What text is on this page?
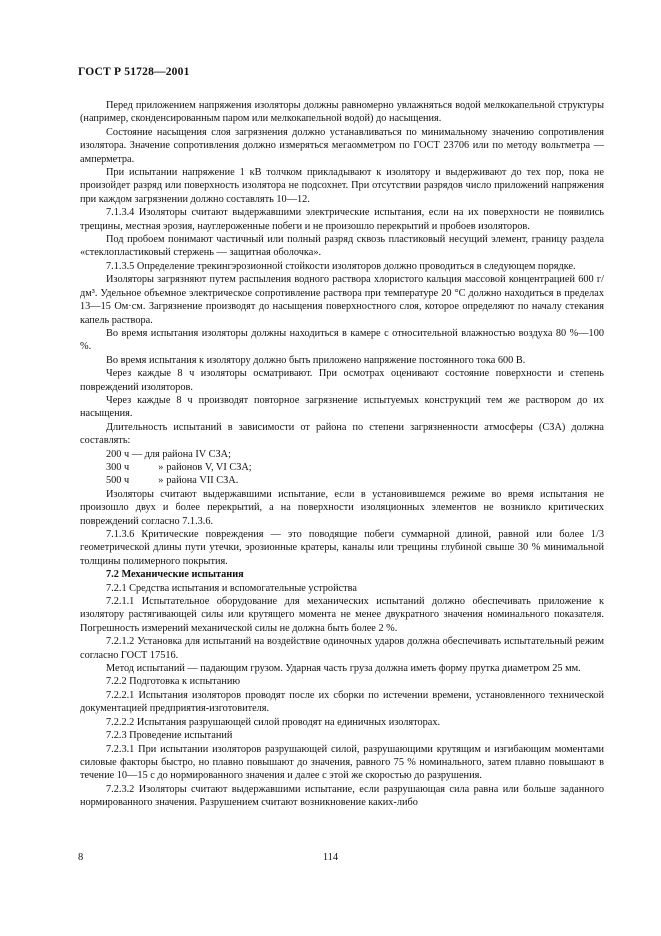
ГОСТ Р 51728—2001

Перед приложением напряжения изоляторы должны равномерно увлажняться водой мелкокапельной структуры (например, сконденсированным паром или мелкокапельной водой) до насыщения.

Состояние насыщения слоя загрязнения должно устанавливаться по минимальному значению сопротивления изолятора. Значение сопротивления должно измеряться мегаомметром по ГОСТ 23706 или по методу вольтметра — амперметра.

При испытании напряжение 1 кВ толчком прикладывают к изолятору и выдерживают до тех пор, пока не произойдет разряд или поверхность изолятора не подсохнет. При отсутствии разрядов число приложений напряжения при каждом загрязнении должно составлять 10—12.

7.1.3.4 Изоляторы считают выдержавшими электрические испытания, если на их поверхности не появились трещины, местная эрозия, науглероженные побеги и не произошло перекрытий и пробоев изоляторов.

Под пробоем понимают частичный или полный разряд сквозь пластиковый несущий элемент, границу раздела «стеклопластиковый стержень — защитная оболочка».

7.1.3.5 Определение трекингэрозионной стойкости изоляторов должно проводиться в следующем порядке.

Изоляторы загрязняют путем распыления водного раствора хлористого кальция массовой концентрацией 600 г/дм³. Удельное объемное электрическое сопротивление раствора при температуре 20 °С должно находиться в пределах 13—15 Ом·см. Загрязнение производят до насыщения поверхностного слоя, которое определяют по началу стекания капель раствора.

Во время испытания изоляторы должны находиться в камере с относительной влажностью воздуха 80 %—100 %.

Во время испытания к изолятору должно быть приложено напряжение постоянного тока 600 В.

Через каждые 8 ч изоляторы осматривают. При осмотрах оценивают состояние поверхности и степень повреждений изоляторов.

Через каждые 8 ч производят повторное загрязнение испытуемых конструкций тем же раствором до их насыщения.

Длительность испытаний в зависимости от района по степени загрязненности атмосферы (СЗА) должна составлять:

200 ч — для района IV СЗА;

300 ч	» районов V, VI СЗА;

500 ч	» района VII СЗА.

Изоляторы считают выдержавшими испытание, если в установившемся режиме во время испытания не произошло двух и более перекрытий, а на поверхности изоляционных элементов не возникло критических повреждений согласно 7.1.3.6.

7.1.3.6 Критические повреждения — это поводящие побеги суммарной длиной, равной или более 1/3 геометрической длины пути утечки, эрозионные кратеры, каналы или трещины глубиной свыше 30 % минимальной толщины полимерного покрытия.

7.2 Механические испытания

7.2.1 Средства испытания и вспомогательные устройства

7.2.1.1 Испытательное оборудование для механических испытаний должно обеспечивать приложение к изолятору растягивающей силы или крутящего момента не менее двукратного значения номинального показателя. Погрешность измерений механической силы не должна быть более 2 %.

7.2.1.2 Установка для испытаний на воздействие одиночных ударов должна обеспечивать испытательный режим согласно ГОСТ 17516.

Метод испытаний — падающим грузом. Ударная часть груза должна иметь форму прутка диаметром 25 мм.

7.2.2 Подготовка к испытанию

7.2.2.1 Испытания изоляторов проводят после их сборки по истечении времени, установленного технической документацией предприятия-изготовителя.

7.2.2.2 Испытания разрушающей силой проводят на единичных изоляторах.

7.2.3 Проведение испытаний

7.2.3.1 При испытании изоляторов разрушающей силой, разрушающими крутящим и изгибающим моментами силовые факторы быстро, но плавно повышают до значения, равного 75 % номинального, затем плавно повышают в течение 10—15 с до нормированного значения и далее с этой же скоростью до разрушения.

7.2.3.2 Изоляторы считают выдержавшими испытание, если разрушающая сила равна или больше заданного нормированного значения. Разрушением считают возникновение каких-либо

8	114
